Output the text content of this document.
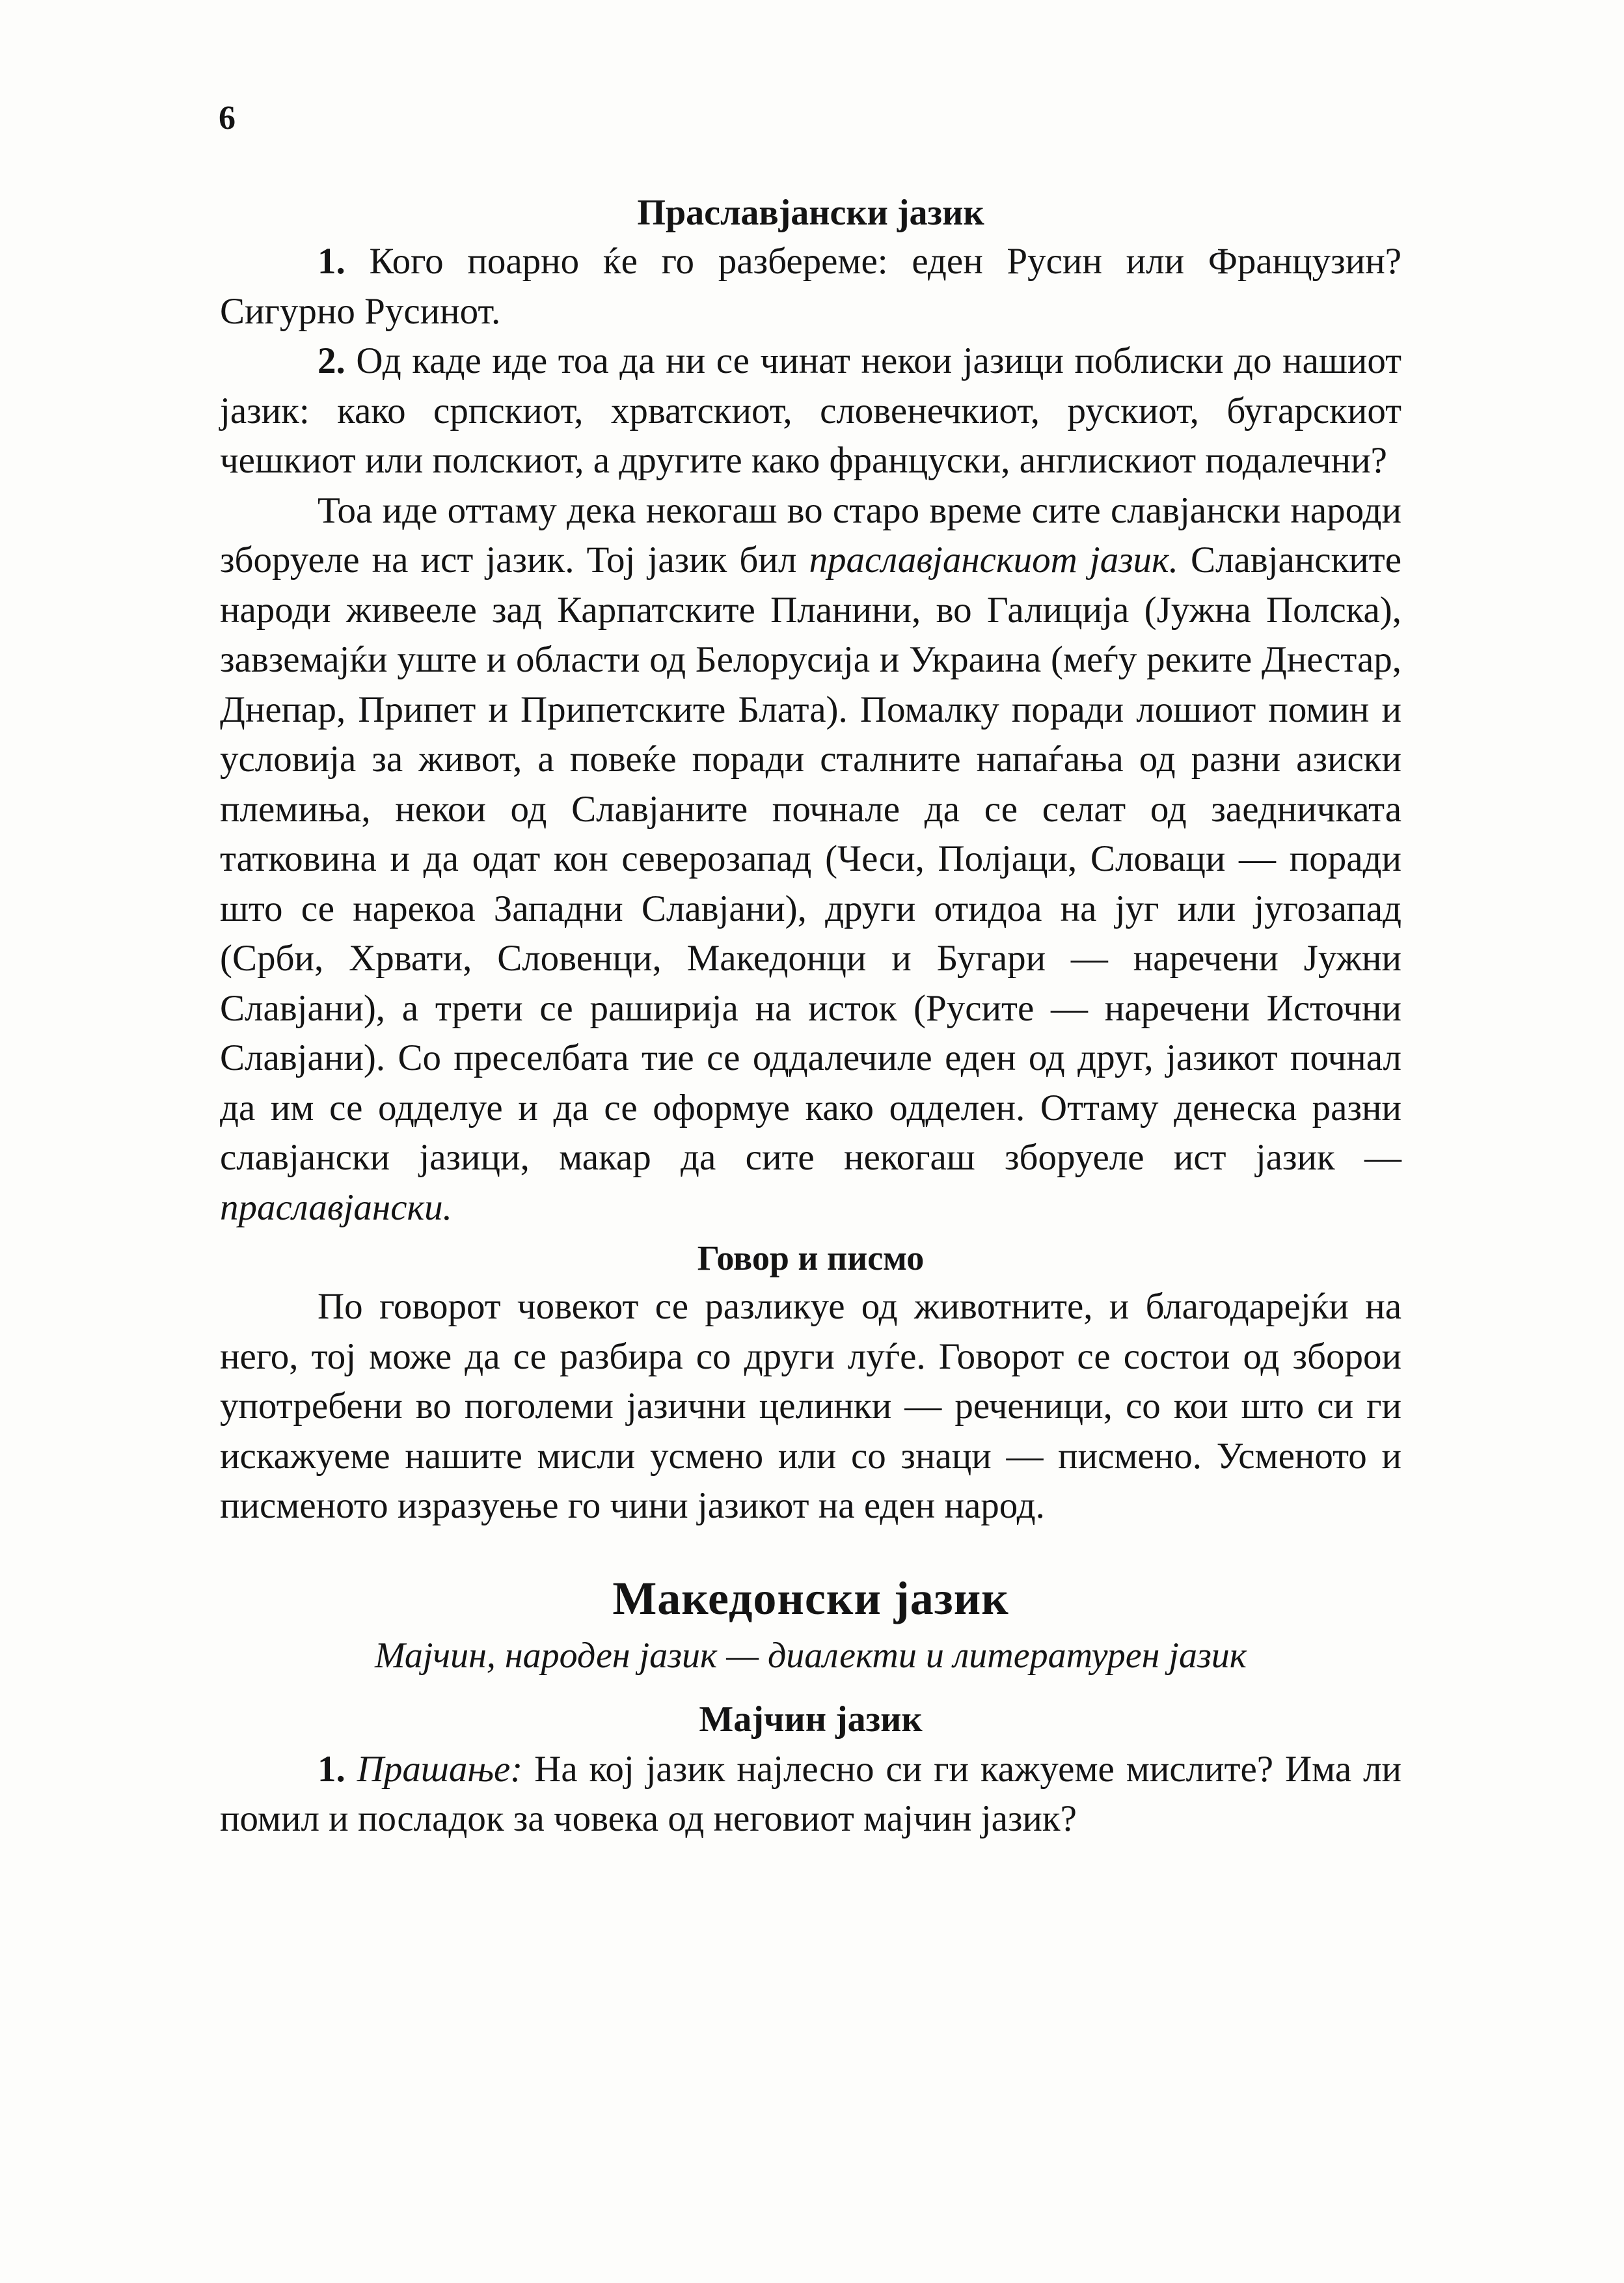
6
Праславјански јазик

1. Кого поарно ќе го разбереме: еден Русин или Французин? Сигурно Русинот.

2. Од каде иде тоа да ни се чинат некои јазици поблиски до нашиот јазик: како српскиот, хрватскиот, словенечкиот, рускиот, бугарскиот чешкиот или полскиот, а другите како француски, англискиот подалечни?

Тоа иде оттаму дека некогаш во старо време сите славјански народи зборуеле на ист јазик. Тој јазик бил праславјанскиот јазик. Славјанските народи живееле зад Карпатските Планини, во Галиција (Јужна Полска), завземајќи уште и области од Белорусија и Украина (меѓу реките Днестар, Днепар, Припет и Припетските Блата). Помалку поради лошиот помин и условија за живот, а повеќе поради сталните напаѓања од разни азиски племиња, некои од Славјаните почнале да се селат од заедничката татковина и да одат кон северозапад (Чеси, Полјаци, Словаци — поради што се нарекоа Западни Славјани), други отидоа на југ или југозапад (Срби, Хрвати, Словенци, Македонци и Бугари — наречени Јужни Славјани), а трети се раширија на исток (Русите — наречени Источни Славјани). Со преселбата тие се оддалечиле еден од друг, јазикот почнал да им се одделуе и да се оформуе како одделен. Оттаму денеска разни славјански јазици, макар да сите некогаш зборуеле ист јазик — праславјански.

Говор и писмо

По говорот човекот се разликуе од животните, и благодарејќи на него, тој може да се разбира со други луѓе. Говорот се состои од зборои употребени во поголеми јазични целинки — реченици, со кои што си ги искажуеме нашите мисли усмено или со знаци — писмено. Усменото и писменото изразуење го чини јазикот на еден народ.

Македонски јазик
Мајчин, народен јазик — диалекти и литературен јазик
Мајчин јазик

1. Прашање: На кој јазик најлесно си ги кажуеме мислите? Има ли помил и посладок за човека од неговиот мајчин јазик?
